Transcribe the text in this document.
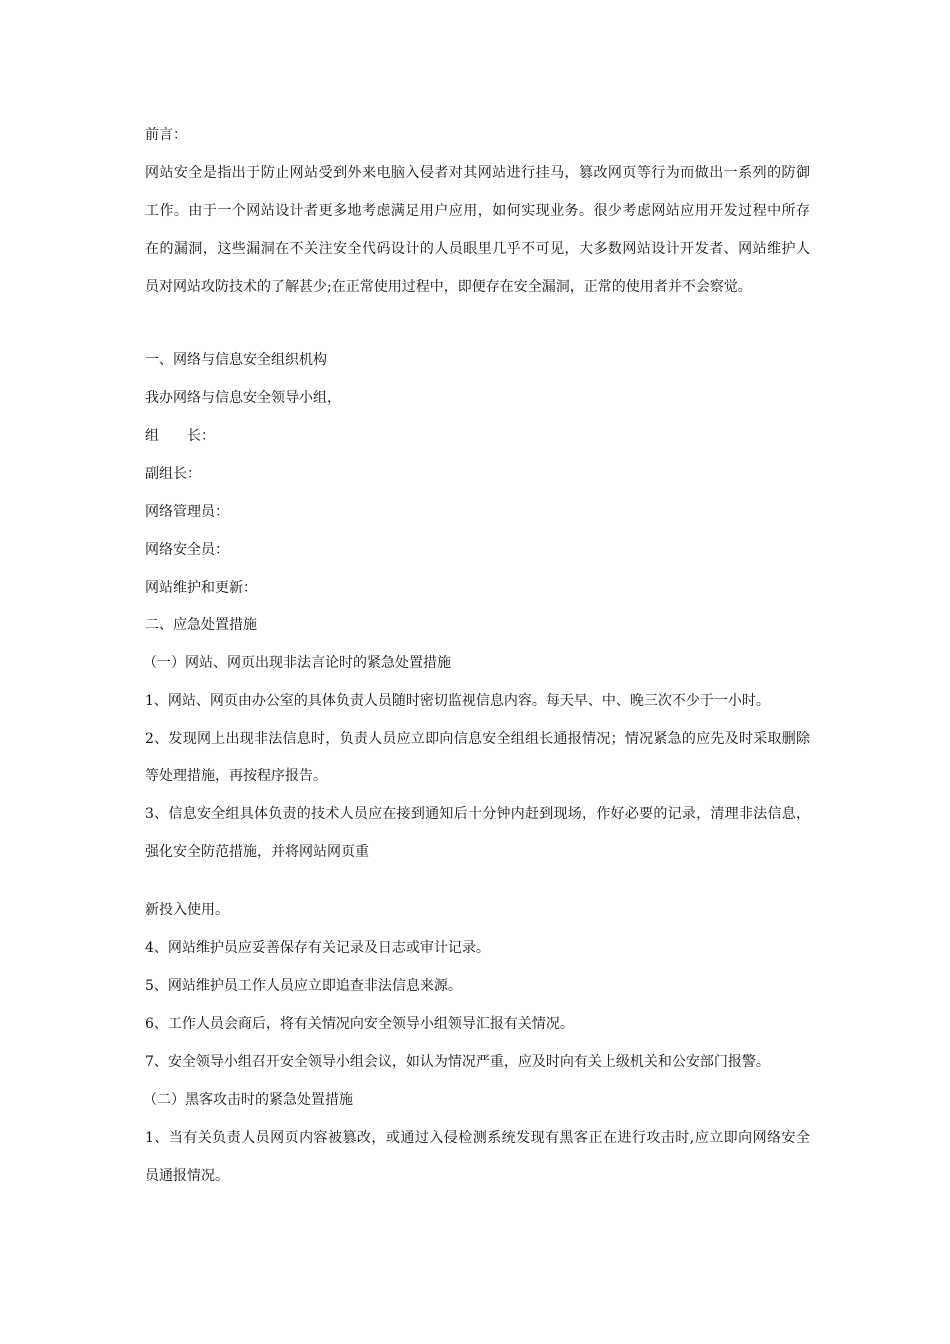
前言：
网站安全是指出于防止网站受到外来电脑入侵者对其网站进行挂马，篡改网页等行为而做出一系列的防御
工作。由于一个网站设计者更多地考虑满足用户应用，如何实现业务。很少考虑网站应用开发过程中所存
在的漏洞，这些漏洞在不关注安全代码设计的人员眼里几乎不可见，大多数网站设计开发者、网站维护人
员对网站攻防技术的了解甚少;在正常使用过程中，即便存在安全漏洞，正常的使用者并不会察觉。
一、网络与信息安全组织机构
我办网络与信息安全领导小组，
组　　长：
副组长：
网络管理员：
网络安全员：
网站维护和更新：
二、应急处置措施
（一）网站、网页出现非法言论时的紧急处置措施
1、网站、网页由办公室的具体负责人员随时密切监视信息内容。每天早、中、晚三次不少于一小时。
2、发现网上出现非法信息时，负责人员应立即向信息安全组组长通报情况；情况紧急的应先及时采取删除
等处理措施，再按程序报告。
3、信息安全组具体负责的技术人员应在接到通知后十分钟内赶到现场，作好必要的记录，清理非法信息，
强化安全防范措施，并将网站网页重
新投入使用。
4、网站维护员应妥善保存有关记录及日志或审计记录。
5、网站维护员工作人员应立即追查非法信息来源。
6、工作人员会商后，将有关情况向安全领导小组领导汇报有关情况。
7、安全领导小组召开安全领导小组会议，如认为情况严重，应及时向有关上级机关和公安部门报警。
（二）黑客攻击时的紧急处置措施
1、当有关负责人员网页内容被篡改，或通过入侵检测系统发现有黑客正在进行攻击时,应立即向网络安全
员通报情况。
